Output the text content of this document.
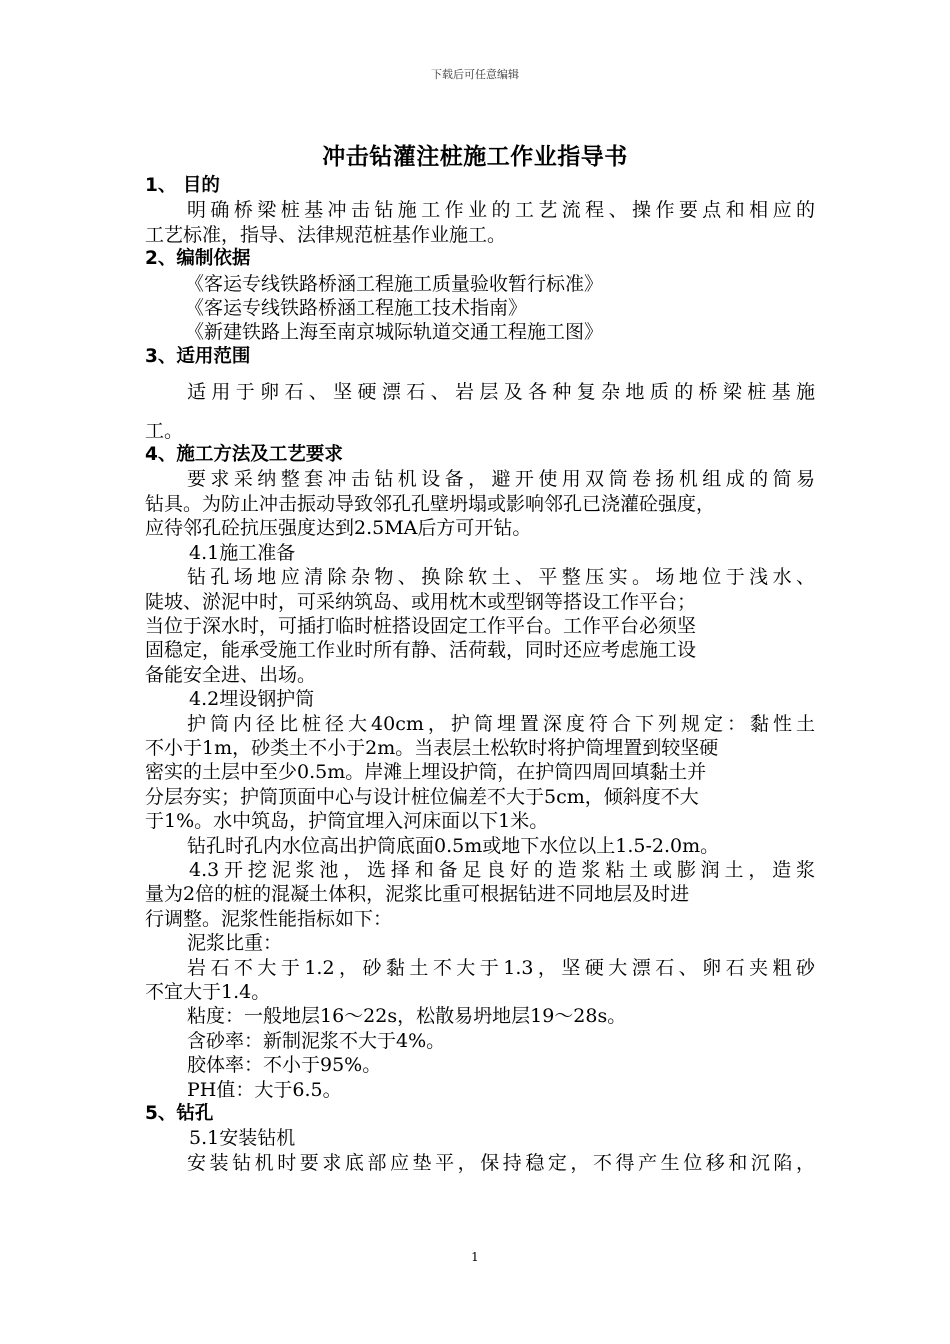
下载后可任意编辑
冲击钻灌注桩施工作业指导书
1、 目的
明确桥梁桩基冲击钻施工作业的工艺流程、操作要点和相应的
工艺标准，指导、法律规范桩基作业施工。
2、编制依据
《客运专线铁路桥涵工程施工质量验收暂行标准》
《客运专线铁路桥涵工程施工技术指南》
《新建铁路上海至南京城际轨道交通工程施工图》
3、适用范围
适用于卵石、坚硬漂石、岩层及各种复杂地质的桥梁桩基施
工。
4、施工方法及工艺要求
要求采纳整套冲击钻机设备，避开使用双筒卷扬机组成的简易
钻具。为防止冲击振动导致邻孔孔壁坍塌或影响邻孔已浇灌砼强度，
应待邻孔砼抗压强度达到2.5MA后方可开钻。
4.1施工准备
钻孔场地应清除杂物、换除软土、平整压实。场地位于浅水、
陡坡、淤泥中时，可采纳筑岛、或用枕木或型钢等搭设工作平台；
当位于深水时，可插打临时桩搭设固定工作平台。工作平台必须坚
固稳定，能承受施工作业时所有静、活荷载，同时还应考虑施工设
备能安全进、出场。
4.2埋设钢护筒
护筒内径比桩径大40cm，护筒埋置深度符合下列规定：黏性土
不小于1m，砂类土不小于2m。当表层土松软时将护筒埋置到较坚硬
密实的土层中至少0.5m。岸滩上埋设护筒，在护筒四周回填黏土并
分层夯实；护筒顶面中心与设计桩位偏差不大于5cm，倾斜度不大
于1%。水中筑岛，护筒宜埋入河床面以下1米。
钻孔时孔内水位高出护筒底面0.5m或地下水位以上1.5-2.0m。
4.3开挖泥浆池，选择和备足良好的造浆粘土或膨润土，造浆
量为2倍的桩的混凝土体积，泥浆比重可根据钻进不同地层及时进
行调整。泥浆性能指标如下：
泥浆比重：
岩石不大于1.2，砂黏土不大于1.3，坚硬大漂石、卵石夹粗砂
不宜大于1.4。
粘度：一般地层16～22s，松散易坍地层19～28s。
含砂率：新制泥浆不大于4%。
胶体率：不小于95%。
PH值：大于6.5。
5、钻孔
5.1安装钻机
安装钻机时要求底部应垫平，保持稳定，不得产生位移和沉陷，
1
